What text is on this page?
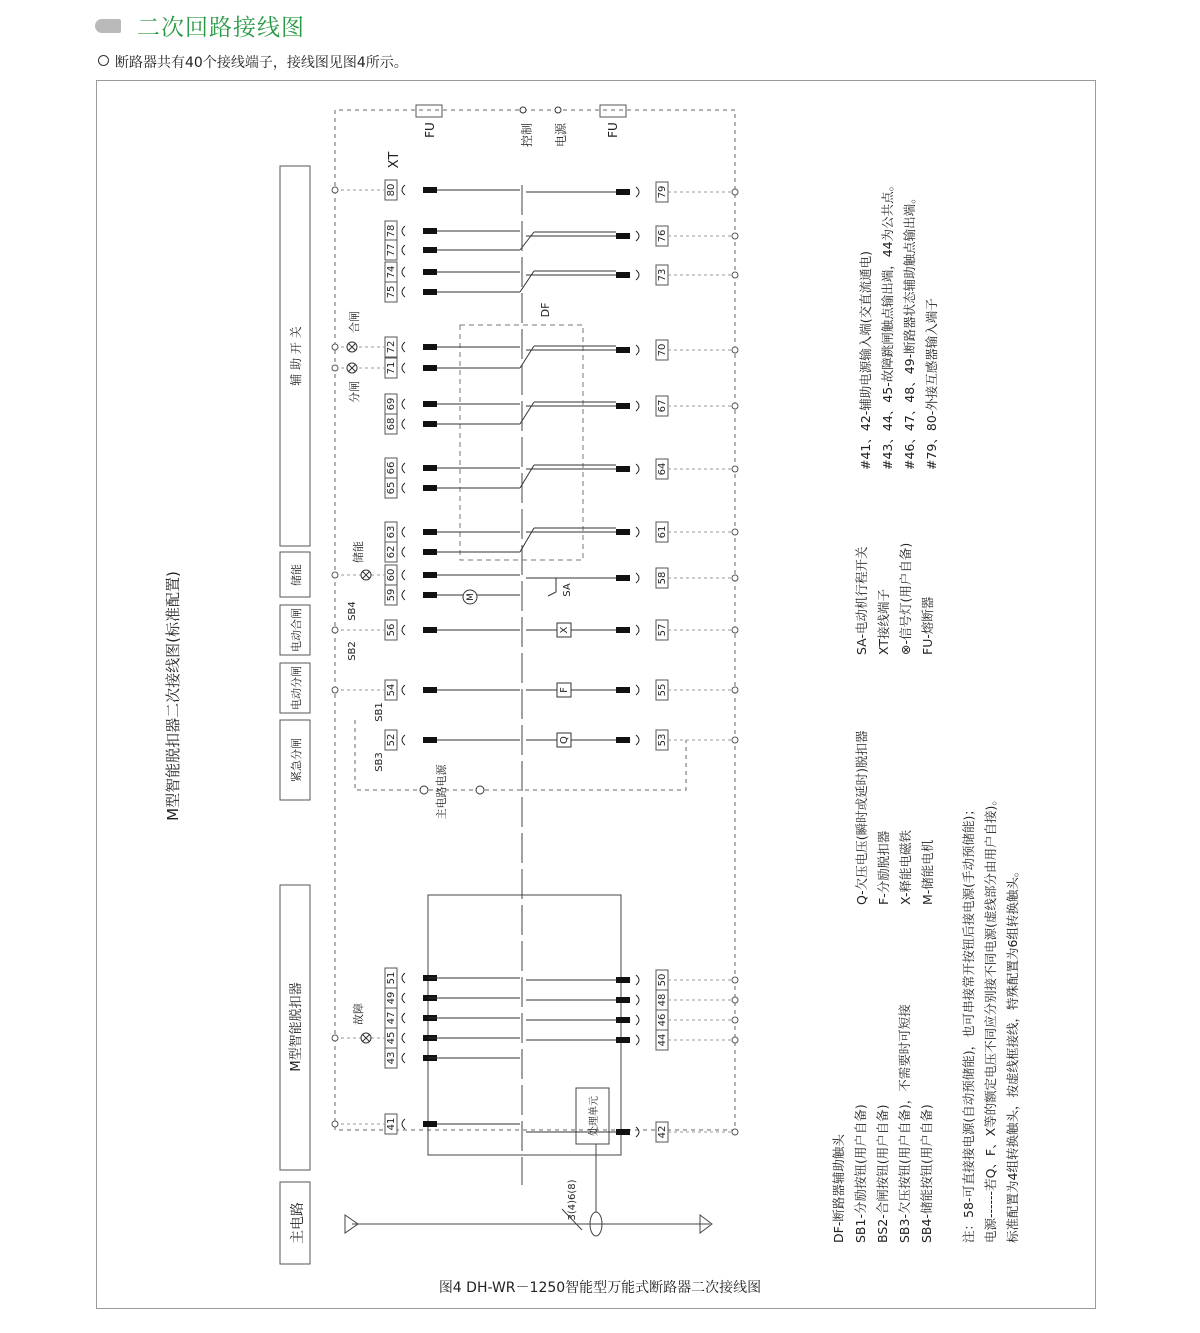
二次回路接线图
断路器共有40个接线端子，接线图见图4所示。
80
78
77
74
75
72
71
69
68
66
65
63
62
60
59
56
54
52
51
49
47
45
43
41
79
76
73
70
67
64
61
58
57
55
53
50
48
46
44
42
Q
F
X
M
SA
FU	FU
控制 电源
XT
DF
合闸
分闸
储能
故障
SB4
SB2
SB1
SB3
主电路电源
处理单元
3(4)6(8)
辅 助 开 关
储能
电动合闸
电动分闸
紧急分闸
M型智能脱扣器
主电路
M型智能脱扣器二次接线图(标准配置)
DF-断路器辅助触头 SB1-分励按钮(用户自备) BS2-合闸按钮(用户自备) SB3-欠压按钮(用户自备)，不需要时可短接 SB4-储能按钮(用户自备)
Q-欠压电压(瞬时或延时)脱扣器 F-分励脱扣器 X-释能电磁铁 M-储能电机
SA-电动机行程开关 XT接线端子 ⊗-信号灯(用户自备) FU-熔断器
#41、42-辅助电源输入端(交直流通电) #43、44、45-故障跳闸触点输出端，44为公共点。 #46、47、48、49-断路器状态辅助触点输出端。 #79、80-外接互感器输入端子
注：58-可直接接电源(自动预储能)，也可串接常开按钮后接电源(手动预储能)； 电源------若Q、F、X等的额定电压不同应分别接不同电源(虚线部分由用户自接)。 标准配置为4组转换触头，按虚线框接线，特殊配置为6组转换触头。
图4 DH-WR－1250智能型万能式断路器二次接线图
